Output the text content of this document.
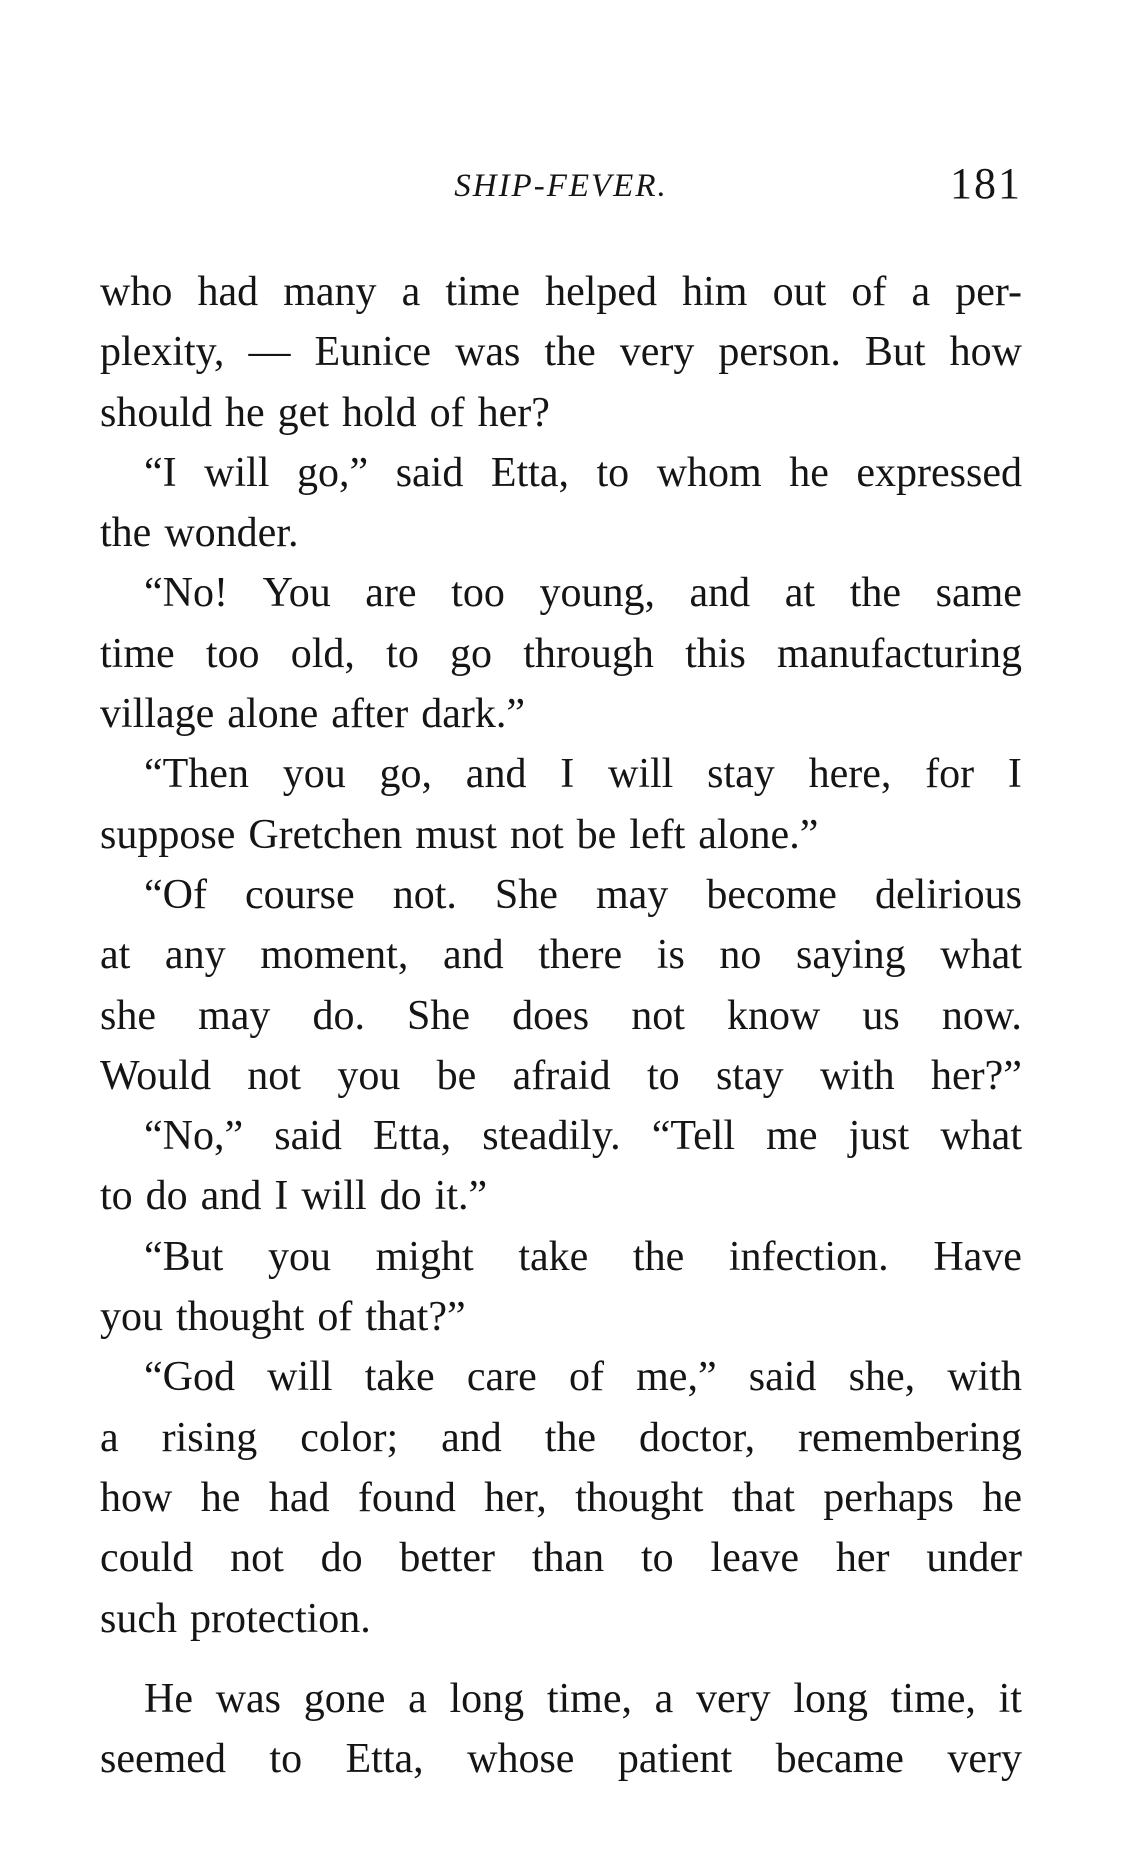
SHIP-FEVER.	181
who had many a time helped him out of a per-
plexity, — Eunice was the very person. But how
should he get hold of her?
“I will go,” said Etta, to whom he expressed
the wonder.
“No! You are too young, and at the same
time too old, to go through this manufacturing
village alone after dark.”
“Then you go, and I will stay here, for I
suppose Gretchen must not be left alone.”
“Of course not. She may become delirious
at any moment, and there is no saying what
she may do. She does not know us now.
Would not you be afraid to stay with her?”
“No,” said Etta, steadily. “Tell me just what
to do and I will do it.”
“But you might take the infection. Have
you thought of that?”
“God will take care of me,” said she, with
a rising color; and the doctor, remembering
how he had found her, thought that perhaps he
could not do better than to leave her under
such protection.
He was gone a long time, a very long time, it
seemed to Etta, whose patient became very
